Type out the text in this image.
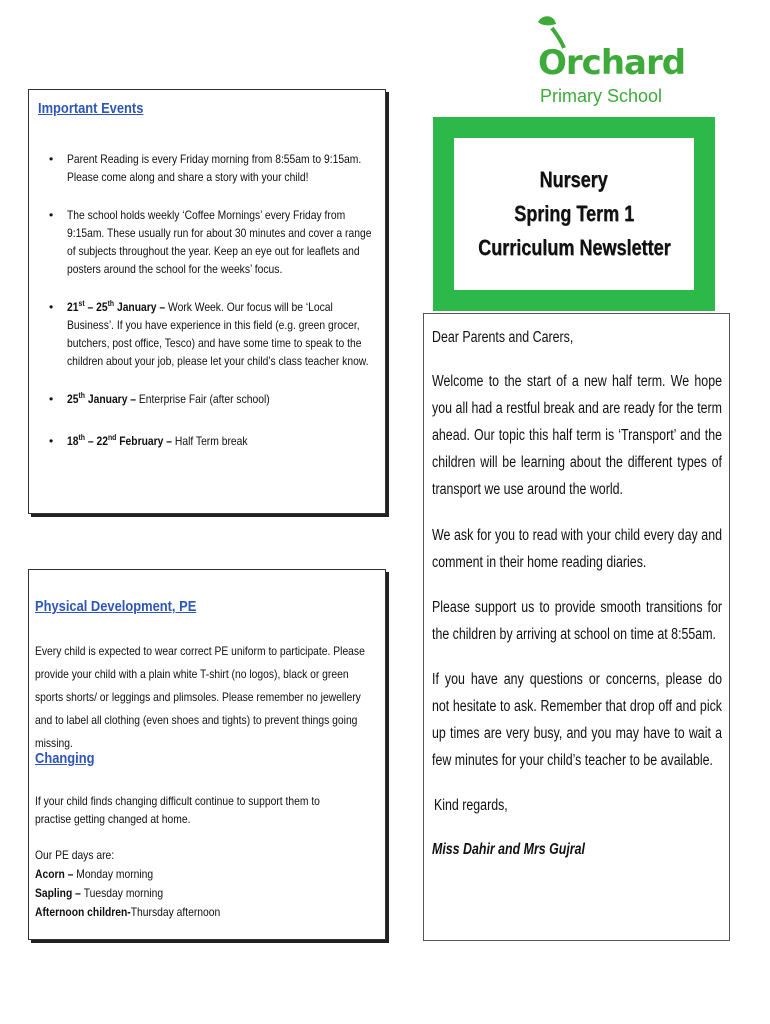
Orchard
Primary School
Nursery
Spring Term 1
Curriculum Newsletter
Important Events
• Parent Reading is every Friday morning from 8:55am to 9:15am. Please come along and share a story with your child!
• The school holds weekly ‘Coffee Mornings’ every Friday from 9:15am. These usually run for about 30 minutes and cover a range of subjects throughout the year. Keep an eye out for leaflets and posters around the school for the weeks’ focus.
• 21st – 25th January – Work Week. Our focus will be ‘Local Business’. If you have experience in this field (e.g. green grocer, butchers, post office, Tesco) and have some time to speak to the children about your job, please let your child’s class teacher know.
• 25th January – Enterprise Fair (after school)
• 18th – 22nd February – Half Term break
Physical Development, PE
Every child is expected to wear correct PE uniform to participate. Please provide your child with a plain white T-shirt (no logos), black or green sports shorts/ or leggings and plimsoles. Please remember no jewellery and to label all clothing (even shoes and tights) to prevent things going missing.
Changing
If your child finds changing difficult continue to support them to practise getting changed at home.
Our PE days are:
Acorn – Monday morning
Sapling – Tuesday morning
Afternoon children-Thursday afternoon
Dear Parents and Carers,
Welcome to the start of a new half term. We hope you all had a restful break and are ready for the term ahead. Our topic this half term is ‘Transport’ and the children will be learning about the different types of transport we use around the world.
We ask for you to read with your child every day and comment in their home reading diaries.
Please support us to provide smooth transitions for the children by arriving at school on time at 8:55am.
If you have any questions or concerns, please do not hesitate to ask. Remember that drop off and pick up times are very busy, and you may have to wait a few minutes for your child’s teacher to be available.
Kind regards,
Miss Dahir and Mrs Gujral
